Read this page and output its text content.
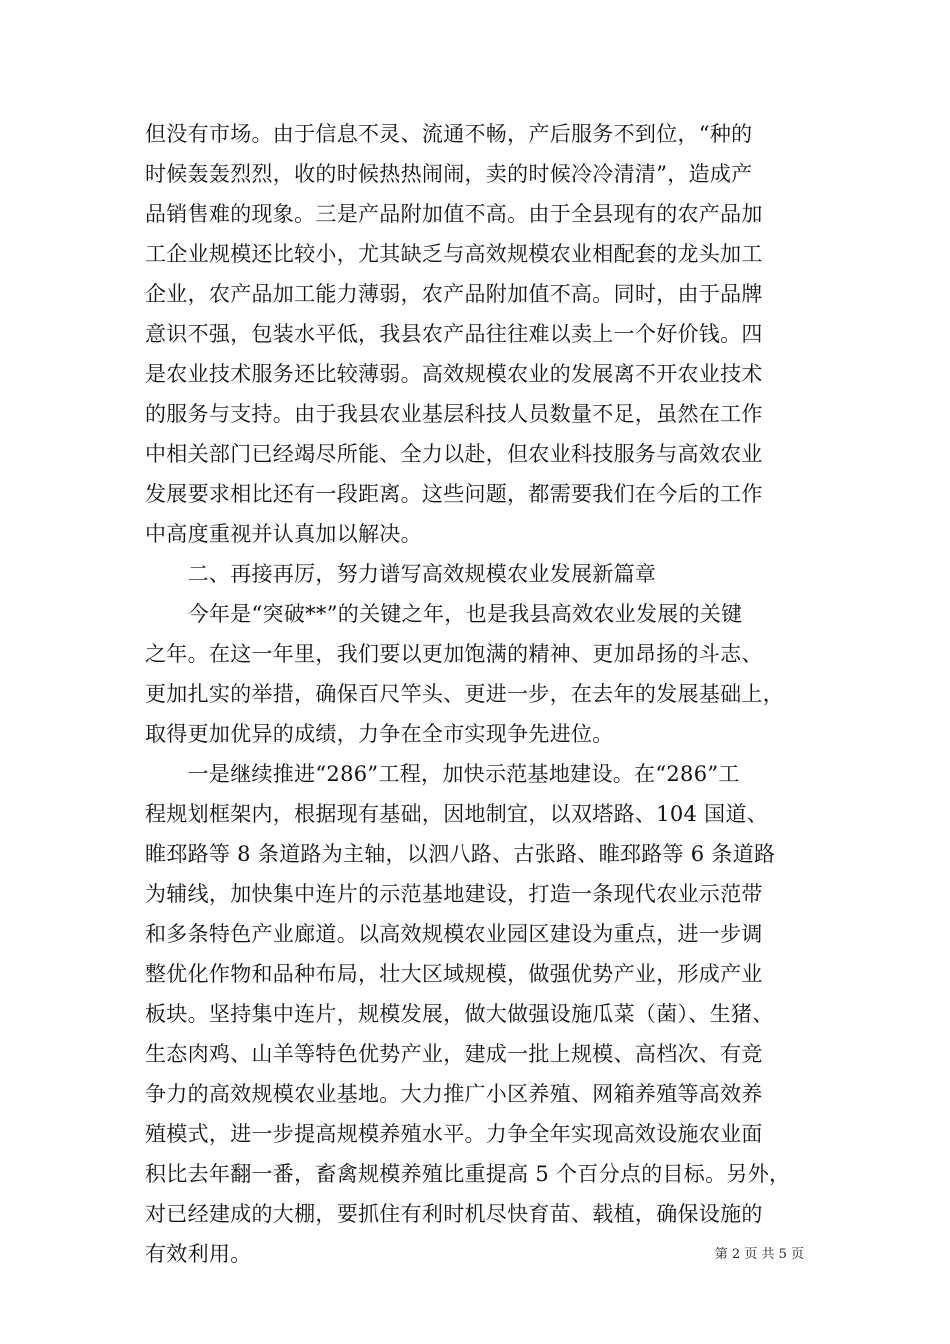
但没有市场。由于信息不灵、流通不畅，产后服务不到位，“种的
时候轰轰烈烈，收的时候热热闹闹，卖的时候冷冷清清”，造成产
品销售难的现象。三是产品附加值不高。由于全县现有的农产品加
工企业规模还比较小，尤其缺乏与高效规模农业相配套的龙头加工
企业，农产品加工能力薄弱，农产品附加值不高。同时，由于品牌
意识不强，包装水平低，我县农产品往往难以卖上一个好价钱。四
是农业技术服务还比较薄弱。高效规模农业的发展离不开农业技术
的服务与支持。由于我县农业基层科技人员数量不足，虽然在工作
中相关部门已经竭尽所能、全力以赴，但农业科技服务与高效农业
发展要求相比还有一段距离。这些问题，都需要我们在今后的工作
中高度重视并认真加以解决。
　　二、再接再厉，努力谱写高效规模农业发展新篇章
　　今年是“突破**”的关键之年，也是我县高效农业发展的关键
之年。在这一年里，我们要以更加饱满的精神、更加昂扬的斗志、
更加扎实的举措，确保百尺竿头、更进一步，在去年的发展基础上，
取得更加优异的成绩，力争在全市实现争先进位。
　　一是继续推进“286”工程，加快示范基地建设。在“286”工
程规划框架内，根据现有基础，因地制宜，以双塔路、104 国道、
睢邳路等 8 条道路为主轴，以泗八路、古张路、睢邳路等 6 条道路
为辅线，加快集中连片的示范基地建设，打造一条现代农业示范带
和多条特色产业廊道。以高效规模农业园区建设为重点，进一步调
整优化作物和品种布局，壮大区域规模，做强优势产业，形成产业
板块。坚持集中连片，规模发展，做大做强设施瓜菜（菌）、生猪、
生态肉鸡、山羊等特色优势产业，建成一批上规模、高档次、有竞
争力的高效规模农业基地。大力推广小区养殖、网箱养殖等高效养
殖模式，进一步提高规模养殖水平。力争全年实现高效设施农业面
积比去年翻一番，畜禽规模养殖比重提高 5 个百分点的目标。另外，
对已经建成的大棚，要抓住有利时机尽快育苗、载植，确保设施的
有效利用。	第 2 页 共 5 页
